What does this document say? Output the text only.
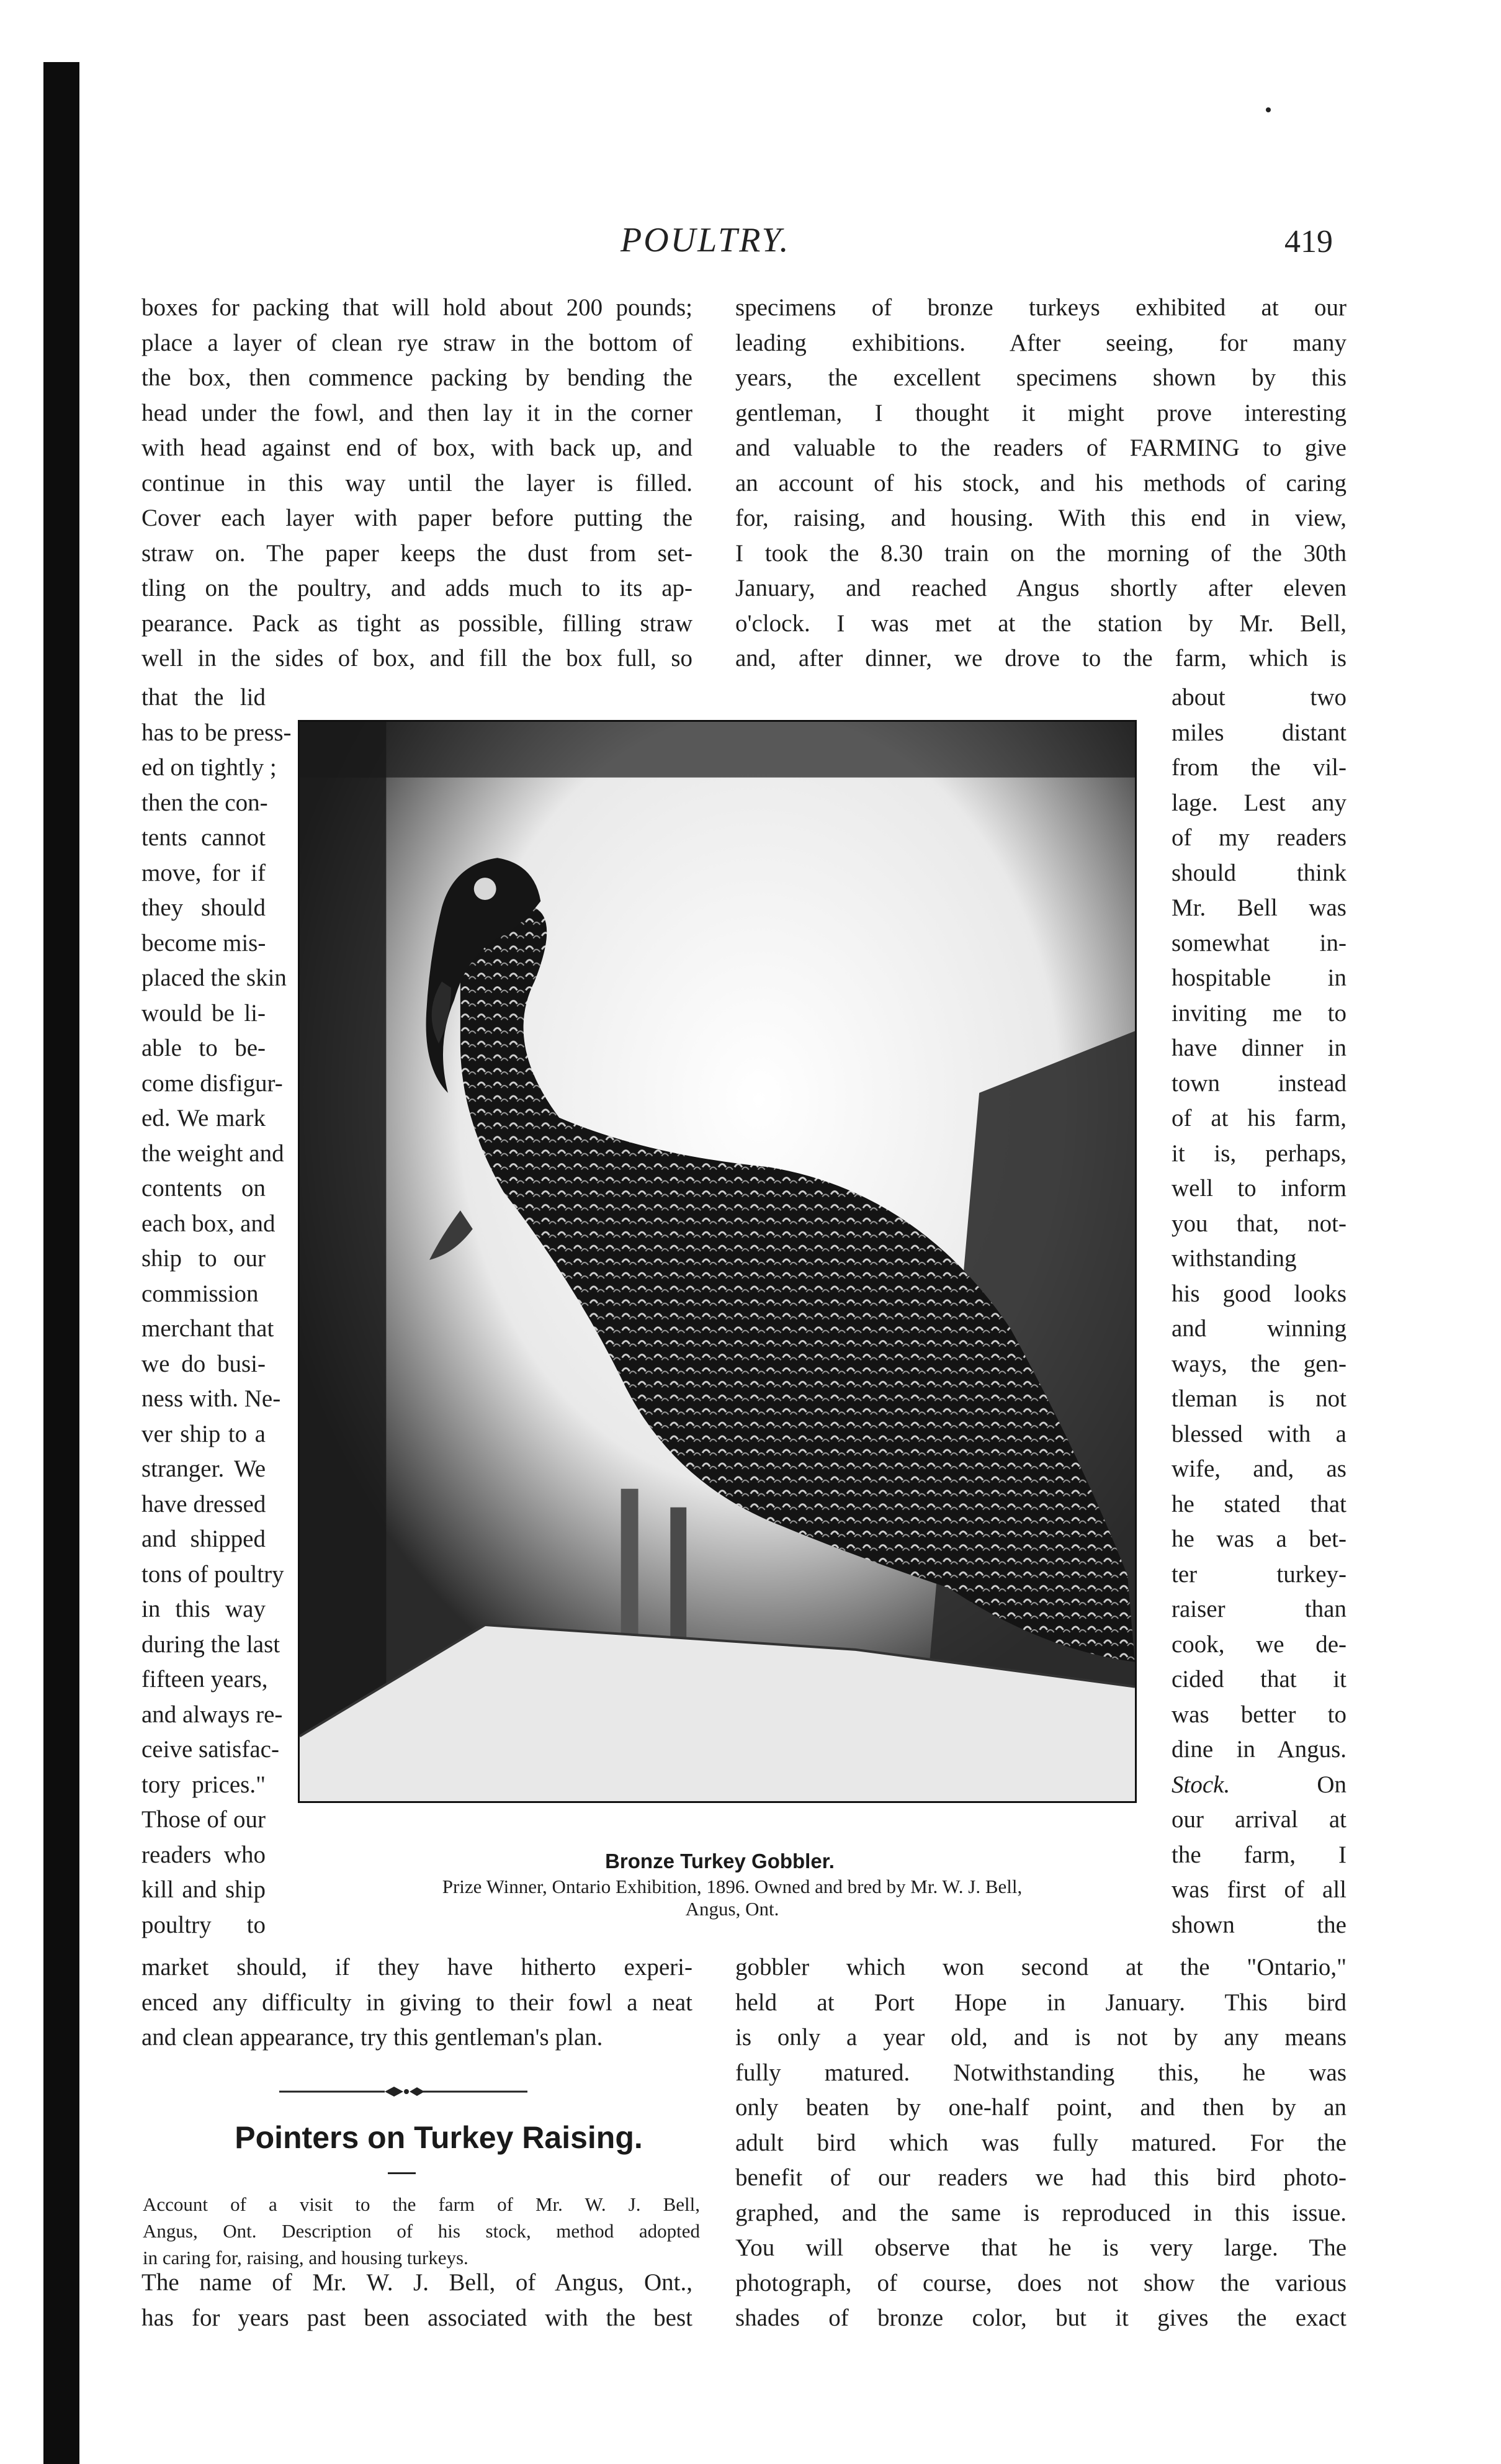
POULTRY.	419
boxes for packing that will hold about 200 pounds;
place a layer of clean rye straw in the bottom of
the box, then commence packing by bending the
head under the fowl, and then lay it in the corner
with head against end of box, with back up, and
continue in this way until the layer is filled.
Cover each layer with paper before putting the
straw on. The paper keeps the dust from set-
tling on the poultry, and adds much to its ap-
pearance. Pack as tight as possible, filling straw
well in the sides of box, and fill the box full, so
that the lid
has to be press-
ed on tightly ;
then the con-
tents cannot
move, for if
they should
become mis-
placed the skin
would be li-
able to be-
come disfigur-
ed. We mark
the weight and
contents on
each box, and
ship to our
commission
merchant that
we do busi-
ness with. Ne-
ver ship to a
stranger. We
have dressed
and shipped
tons of poultry
in this way
during the last
fifteen years,
and always re-
ceive satisfac-
tory prices."
Those of our
readers who
kill and ship
poultry to
market should, if they have hitherto experi-
enced any difficulty in giving to their fowl a neat
and clean appearance, try this gentleman's plan.
specimens of bronze turkeys exhibited at our
leading exhibitions. After seeing, for many
years, the excellent specimens shown by this
gentleman, I thought it might prove interesting
and valuable to the readers of FARMING to give
an account of his stock, and his methods of caring
for, raising, and housing. With this end in view,
I took the 8.30 train on the morning of the 30th
January, and reached Angus shortly after eleven
o'clock. I was met at the station by Mr. Bell,
and, after dinner, we drove to the farm, which is
about two
miles distant
from the vil-
lage. Lest any
of my readers
should think
Mr. Bell was
somewhat in-
hospitable in
inviting me to
have dinner in
town instead
of at his farm,
it is, perhaps,
well to inform
you that, not-
withstanding
his good looks
and winning
ways, the gen-
tleman is not
blessed with a
wife, and, as
he stated that
he was a bet-
ter turkey-
raiser than
cook, we de-
cided that it
was better to
dine in Angus.
Stock. On
our arrival at
the farm, I
was first of all
shown the
gobbler which won second at the "Ontario,"
held at Port Hope in January. This bird
is only a year old, and is not by any means
fully matured. Notwithstanding this, he was
only beaten by one-half point, and then by an
adult bird which was fully matured. For the
benefit of our readers we had this bird photo-
graphed, and the same is reproduced in this issue.
You will observe that he is very large. The
photograph, of course, does not show the various
shades of bronze color, but it gives the exact
Bronze Turkey Gobbler.
Prize Winner, Ontario Exhibition, 1896. Owned and bred by Mr. W. J. Bell,
Angus, Ont.
Pointers on Turkey Raising.
Account of a visit to the farm of Mr. W. J. Bell,
Angus, Ont. Description of his stock, method adopted
in caring for, raising, and housing turkeys.
The name of Mr. W. J. Bell, of Angus, Ont.,
has for years past been associated with the best
